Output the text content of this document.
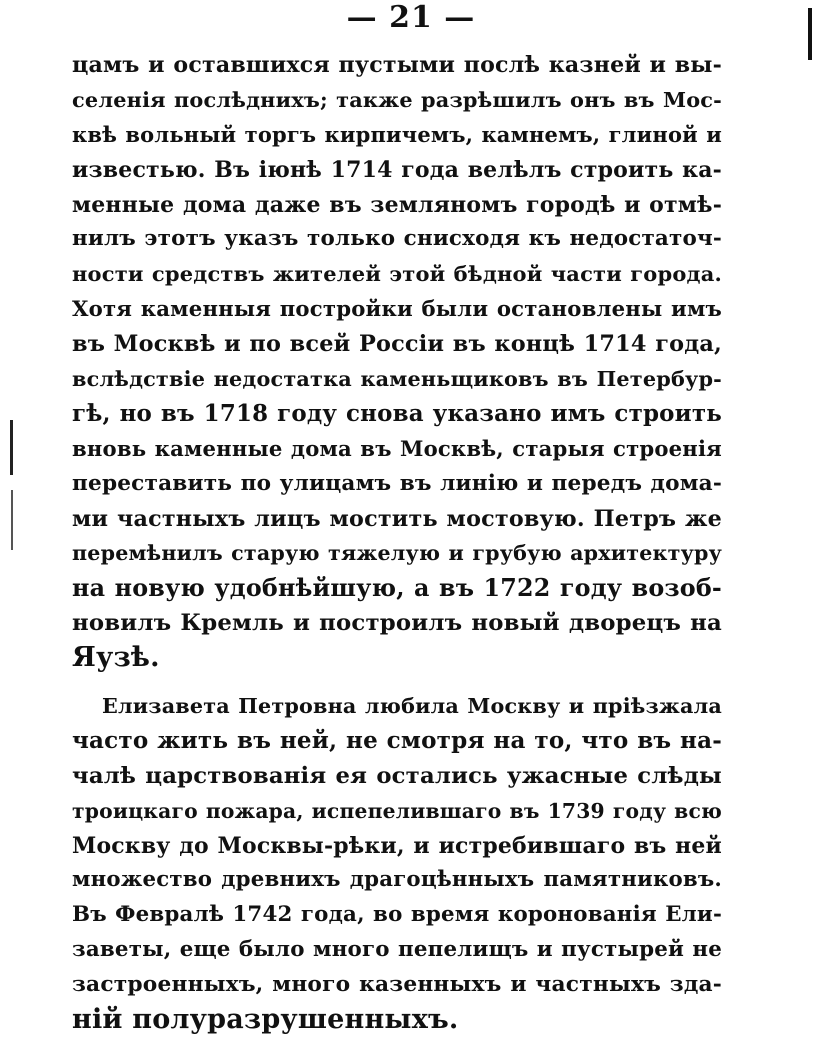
— 21 —
цамъ и оставшихся пустыми послѣ казней и вы-
селенія послѣднихъ; также разрѣшилъ онъ въ Мос-
квѣ вольный торгъ кирпичемъ, камнемъ, глиной и
известью. Въ іюнѣ 1714 года велѣлъ строить ка-
менные дома даже въ земляномъ городѣ и отмѣ-
нилъ этотъ указъ только снисходя къ недостаточ-
ности средствъ жителей этой бѣдной части города.
Хотя каменныя постройки были остановлены имъ
въ Москвѣ и по всей Россіи въ концѣ 1714 года,
вслѣдствіе недостатка каменьщиковъ въ Петербур-
гѣ, но въ 1718 году снова указано имъ строить
вновь каменные дома въ Москвѣ, старыя строенія
переставить по улицамъ въ линію и передъ дома-
ми частныхъ лицъ мостить мостовую. Петръ же
перемѣнилъ старую тяжелую и грубую архитектуру
на новую удобнѣйшую, а въ 1722 году возоб-
новилъ Кремль и построилъ новый дворецъ на
Яузѣ.
Елизавета Петровна любила Москву и пріѣзжала
часто жить въ ней, не смотря на то, что въ на-
чалѣ царствованія ея остались ужасные слѣды
троицкаго пожара, испепелившаго въ 1739 году всю
Москву до Москвы-рѣки, и истребившаго въ ней
множество древнихъ драгоцѣнныхъ памятниковъ.
Въ Февралѣ 1742 года, во время коронованія Ели-
заветы, еще было много пепелищъ и пустырей не
застроенныхъ, много казенныхъ и частныхъ зда-
ній полуразрушенныхъ.
